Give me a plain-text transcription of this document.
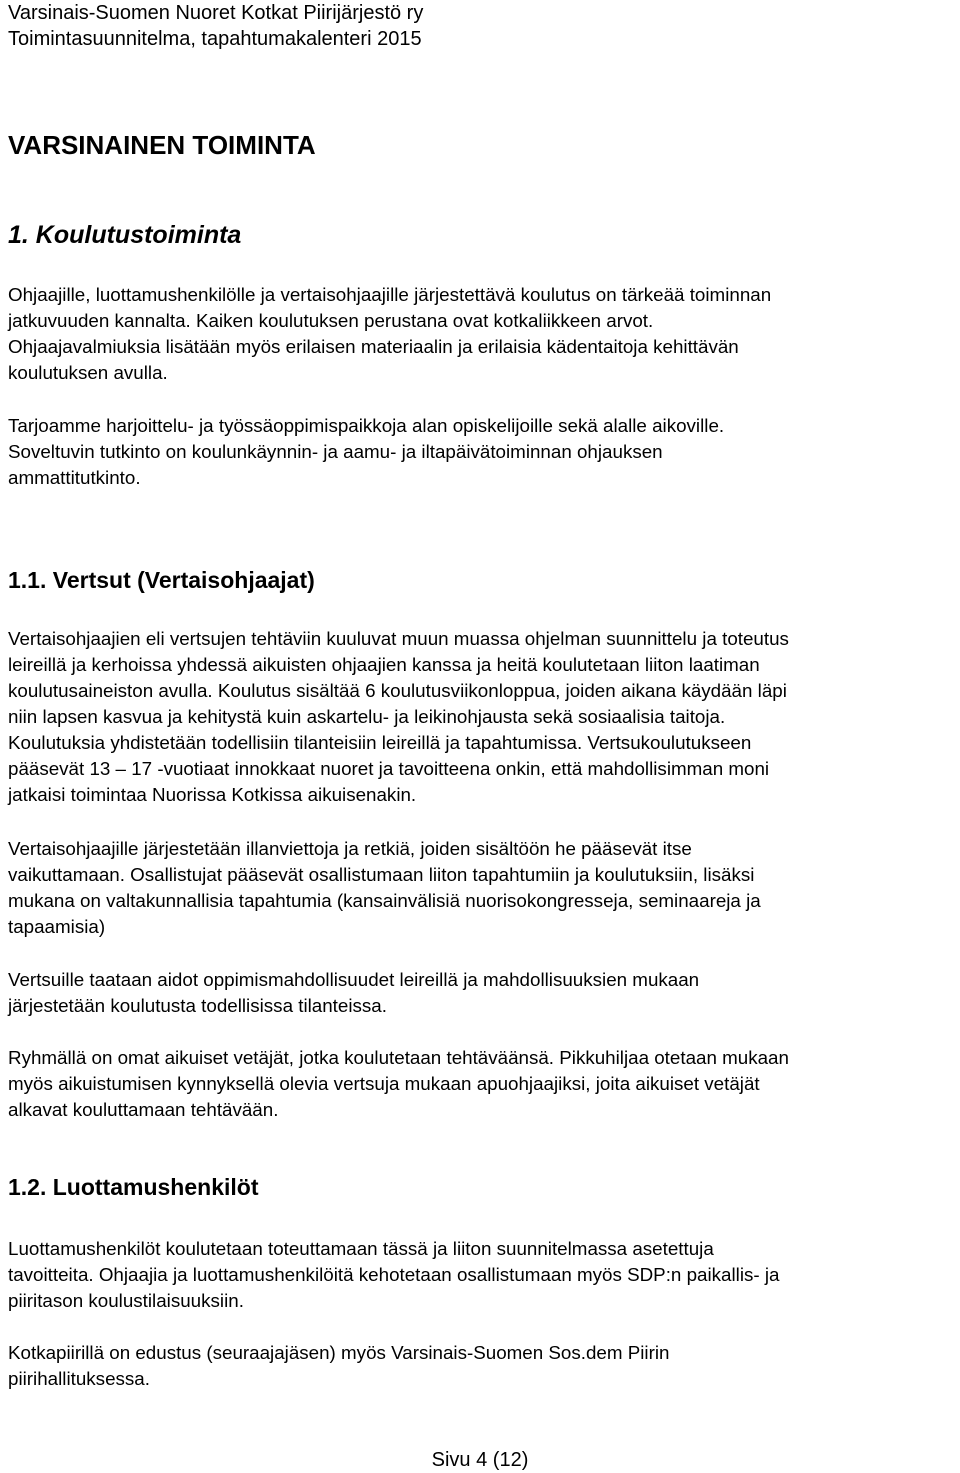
Varsinais-Suomen Nuoret Kotkat Piirijärjestö ry
Toimintasuunnitelma, tapahtumakalenteri 2015
VARSINAINEN TOIMINTA
1. Koulutustoiminta

Ohjaajille, luottamushenkilölle ja vertaisohjaajille järjestettävä koulutus on tärkeää toiminnan
jatkuvuuden kannalta. Kaiken koulutuksen perustana ovat kotkaliikkeen arvot.
Ohjaajavalmiuksia lisätään myös erilaisen materiaalin ja erilaisia kädentaitoja kehittävän
koulutuksen avulla.

Tarjoamme harjoittelu- ja työssäoppimispaikkoja alan opiskelijoille sekä alalle aikoville.
Soveltuvin tutkinto on koulunkäynnin- ja aamu- ja iltapäivätoiminnan ohjauksen
ammattitutkinto.

1.1. Vertsut (Vertaisohjaajat)

Vertaisohjaajien eli vertsujen tehtäviin kuuluvat muun muassa ohjelman suunnittelu ja toteutus
leireillä ja kerhoissa yhdessä aikuisten ohjaajien kanssa ja heitä koulutetaan liiton laatiman
koulutusaineiston avulla. Koulutus sisältää 6 koulutusviikonloppua, joiden aikana käydään läpi
niin lapsen kasvua ja kehitystä kuin askartelu- ja leikinohjausta sekä sosiaalisia taitoja.
Koulutuksia yhdistetään todellisiin tilanteisiin leireillä ja tapahtumissa. Vertsukoulutukseen
pääsevät 13 – 17 -vuotiaat innokkaat nuoret ja tavoitteena onkin, että mahdollisimman moni
jatkaisi toimintaa Nuorissa Kotkissa aikuisenakin.

Vertaisohjaajille järjestetään illanviettoja ja retkiä, joiden sisältöön he pääsevät itse
vaikuttamaan. Osallistujat pääsevät osallistumaan liiton tapahtumiin ja koulutuksiin, lisäksi
mukana on valtakunnallisia tapahtumia (kansainvälisiä nuorisokongresseja, seminaareja ja
tapaamisia)

Vertsuille taataan aidot oppimismahdollisuudet leireillä ja mahdollisuuksien mukaan
järjestetään koulutusta todellisissa tilanteissa.

Ryhmällä on omat aikuiset vetäjät, jotka koulutetaan tehtäväänsä. Pikkuhiljaa otetaan mukaan
myös aikuistumisen kynnyksellä olevia vertsuja mukaan apuohjaajiksi, joita aikuiset vetäjät
alkavat kouluttamaan tehtävään.

1.2. Luottamushenkilöt

Luottamushenkilöt koulutetaan toteuttamaan tässä ja liiton suunnitelmassa asetettuja
tavoitteita. Ohjaajia ja luottamushenkilöitä kehotetaan osallistumaan myös SDP:n paikallis- ja
piiritason koulustilaisuuksiin.

Kotkapiirillä on edustus (seuraajajäsen) myös Varsinais-Suomen Sos.dem Piirin
piirihallituksessa.

Sivu 4 (12)
